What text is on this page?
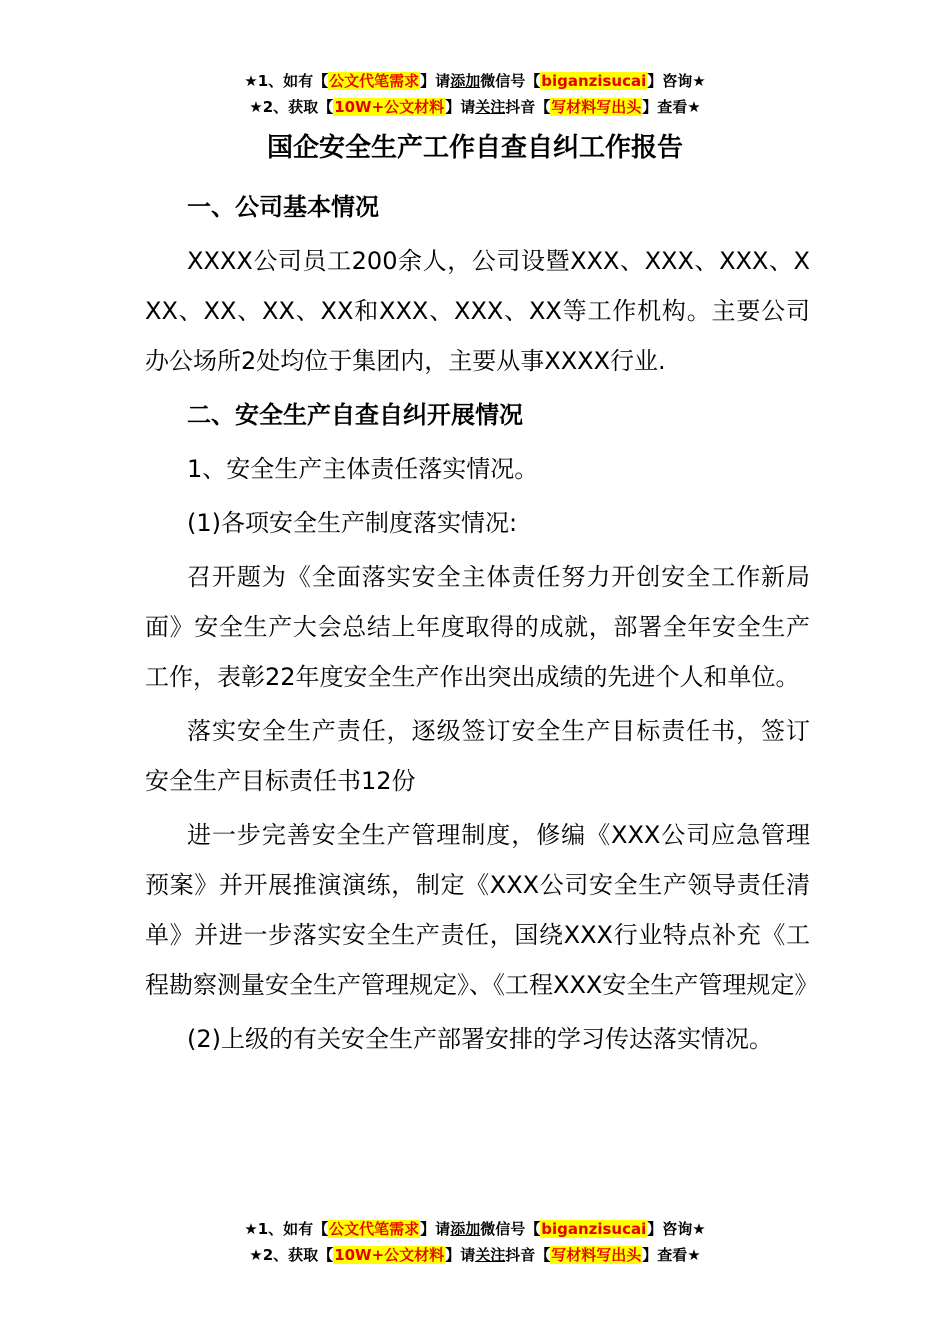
★1、如有【公文代笔需求】请添加微信号【biganzisucai】咨询★
★2、获取【10W+公文材料】请关注抖音【写材料写出头】查看★
国企安全生产工作自查自纠工作报告

一、公司基本情况

XXXX公司员工200余人，公司设暨XXX、XXX、XXX、XXX、XX、XX、XX和XXX、XXX、XX等工作机构。主要公司办公场所2处均位于集团内，主要从事XXXX行业.

二、安全生产自查自纠开展情况

1、安全生产主体责任落实情况。

(1)各项安全生产制度落实情况:

召开题为《全面落实安全主体责任努力开创安全工作新局面》安全生产大会总结上年度取得的成就，部署全年安全生产工作，表彰22年度安全生产作出突出成绩的先进个人和单位。

落实安全生产责任，逐级签订安全生产目标责任书，签订安全生产目标责任书12份

进一步完善安全生产管理制度，修编《XXX公司应急管理预案》并开展推演演练，制定《XXX公司安全生产领导责任清单》并进一步落实安全生产责任，国绕XXX行业特点补充《工程勘察测量安全生产管理规定》、《工程XXX安全生产管理规定》

(2)上级的有关安全生产部署安排的学习传达落实情况。

★1、如有【公文代笔需求】请添加微信号【biganzisucai】咨询★
★2、获取【10W+公文材料】请关注抖音【写材料写出头】查看★
